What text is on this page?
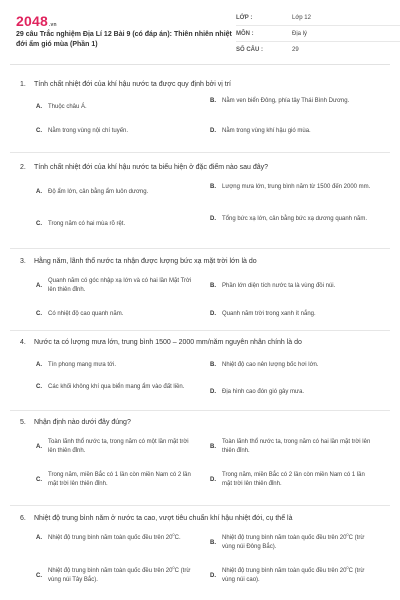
2048.vn
29 câu Trắc nghiệm Địa Lí 12 Bài 9 (có đáp án): Thiên nhiên nhiệt đới ẩm gió mùa (Phần 1)
LỚP :	Lớp 12
MÔN :	Địa lý
SỐ CÂU :	29
1.	Tính chất nhiệt đới của khí hậu nước ta được quy định bởi vị trí
A.	Thuộc châu Á.
B.	Nằm ven biển Đông, phía tây Thái Bình Dương.
C.	Nằm trong vùng nội chí tuyến.	D.	Nằm trong vùng khí hậu gió mùa.
2.	Tính chất nhiệt đới của khí hậu nước ta biểu hiện ở đặc điểm nào sau đây?
A.	Độ ẩm lớn, cân bằng ẩm luôn dương.
B.	Lượng mưa lớn, trung bình năm từ 1500 đến 2000 mm.
C.	Trong năm có hai mùa rõ rệt.
D.	Tổng bức xạ lớn, cân bằng bức xạ dương quanh năm.
3.	Hằng năm, lãnh thổ nước ta nhận được lượng bức xạ mặt trời lớn là do
A.
Quanh năm có góc nhập xạ lớn và có hai lần Mặt Trời lên thiên đỉnh.
B.	Phần lớn diện tích nước ta là vùng đồi núi.
C.	Có nhiệt độ cao quanh năm.	D.	Quanh năm trời trong xanh ít nắng.
4.	Nước ta có lượng mưa lớn, trung bình 1500 – 2000 mm/năm nguyên nhân chính là do
A.	Tín phong mang mưa tới.	B.	Nhiệt độ cao nên lượng bốc hơi lớn.
C.	Các khối không khí qua biển mang ẩm vào đất liền.
D.	Địa hình cao đón gió gây mưa.
5.	Nhận định nào dưới đây đúng?
A.
Toàn lãnh thổ nước ta, trong năm có một lần mặt trời lên thiên đỉnh.
B.
Toàn lãnh thổ nước ta, trong năm có hai lần mặt trời lên thiên đỉnh.
C.
Trong năm, miền Bắc có 1 lần còn miền Nam có 2 lần mặt trời lên thiên đỉnh.
D.
Trong năm, miền Bắc có 2 lần còn miền Nam có 1 lần mặt trời lên thiên đỉnh.
6.	Nhiệt độ trung bình năm ở nước ta cao, vượt tiêu chuẩn khí hậu nhiệt đới, cụ thể là
A.	Nhiệt độ trung bình năm toàn quốc đều trên $20^0C$.
B.
Nhiệt độ trung bình năm toàn quốc đều trên $20^0C$ (trừ vùng núi Đông Bắc).
C.
Nhiệt độ trung bình năm toàn quốc đều trên $20^0C$ (trừ vùng núi Tây Bắc).
D.
Nhiệt độ trung bình năm toàn quốc đều trên $20^0C$ (trừ vùng núi cao).
